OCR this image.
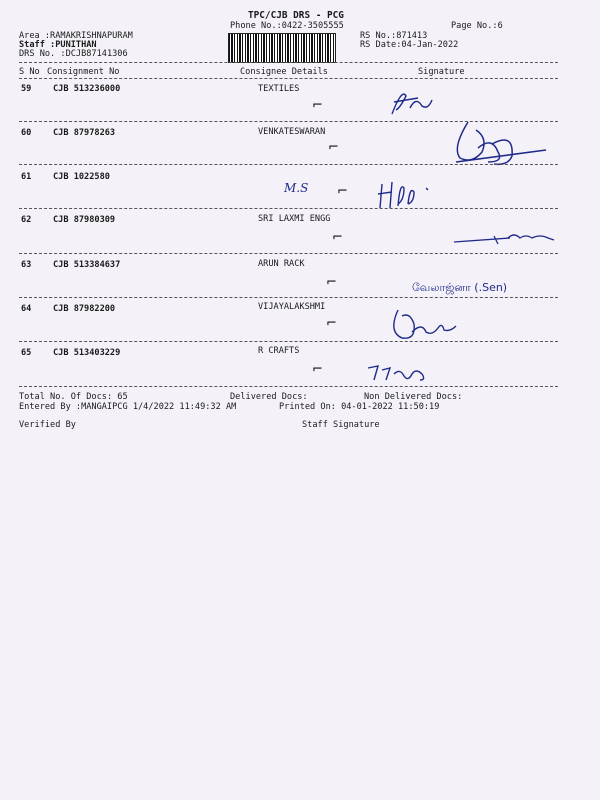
TPC/CJB DRS - PCG
Phone No.:0422-3505555	Page No.:6
Area :RAMAKRISHNAPURAM	RS No.:871413
Staff :PUNITHAN	RS Date:04-Jan-2022
DRS No. :DCJB87141306
S No Consignment No	Consignee Details	Signature
59	CJB 513236000	TEXTILES
⌐
60	CJB 87978263	VENKATESWARAN
⌐
61	CJB 1022580
M.S ⌐
62	CJB 87980309	SRI LAXMI ENGG
⌐
63	CJB 513384637	ARUN RACK
⌐	வேலாஜ்னா (.Sen)
64	CJB 87982200	VIJAYALAKSHMI
⌐
65	CJB 513403229	R CRAFTS
⌐
Total No. Of Docs: 65	Delivered Docs:	Non Delivered Docs:
Entered By :MANGAIPCG 1/4/2022 11:49:32 AM	Printed On: 04-01-2022 11:50:19
Verified By	Staff Signature
